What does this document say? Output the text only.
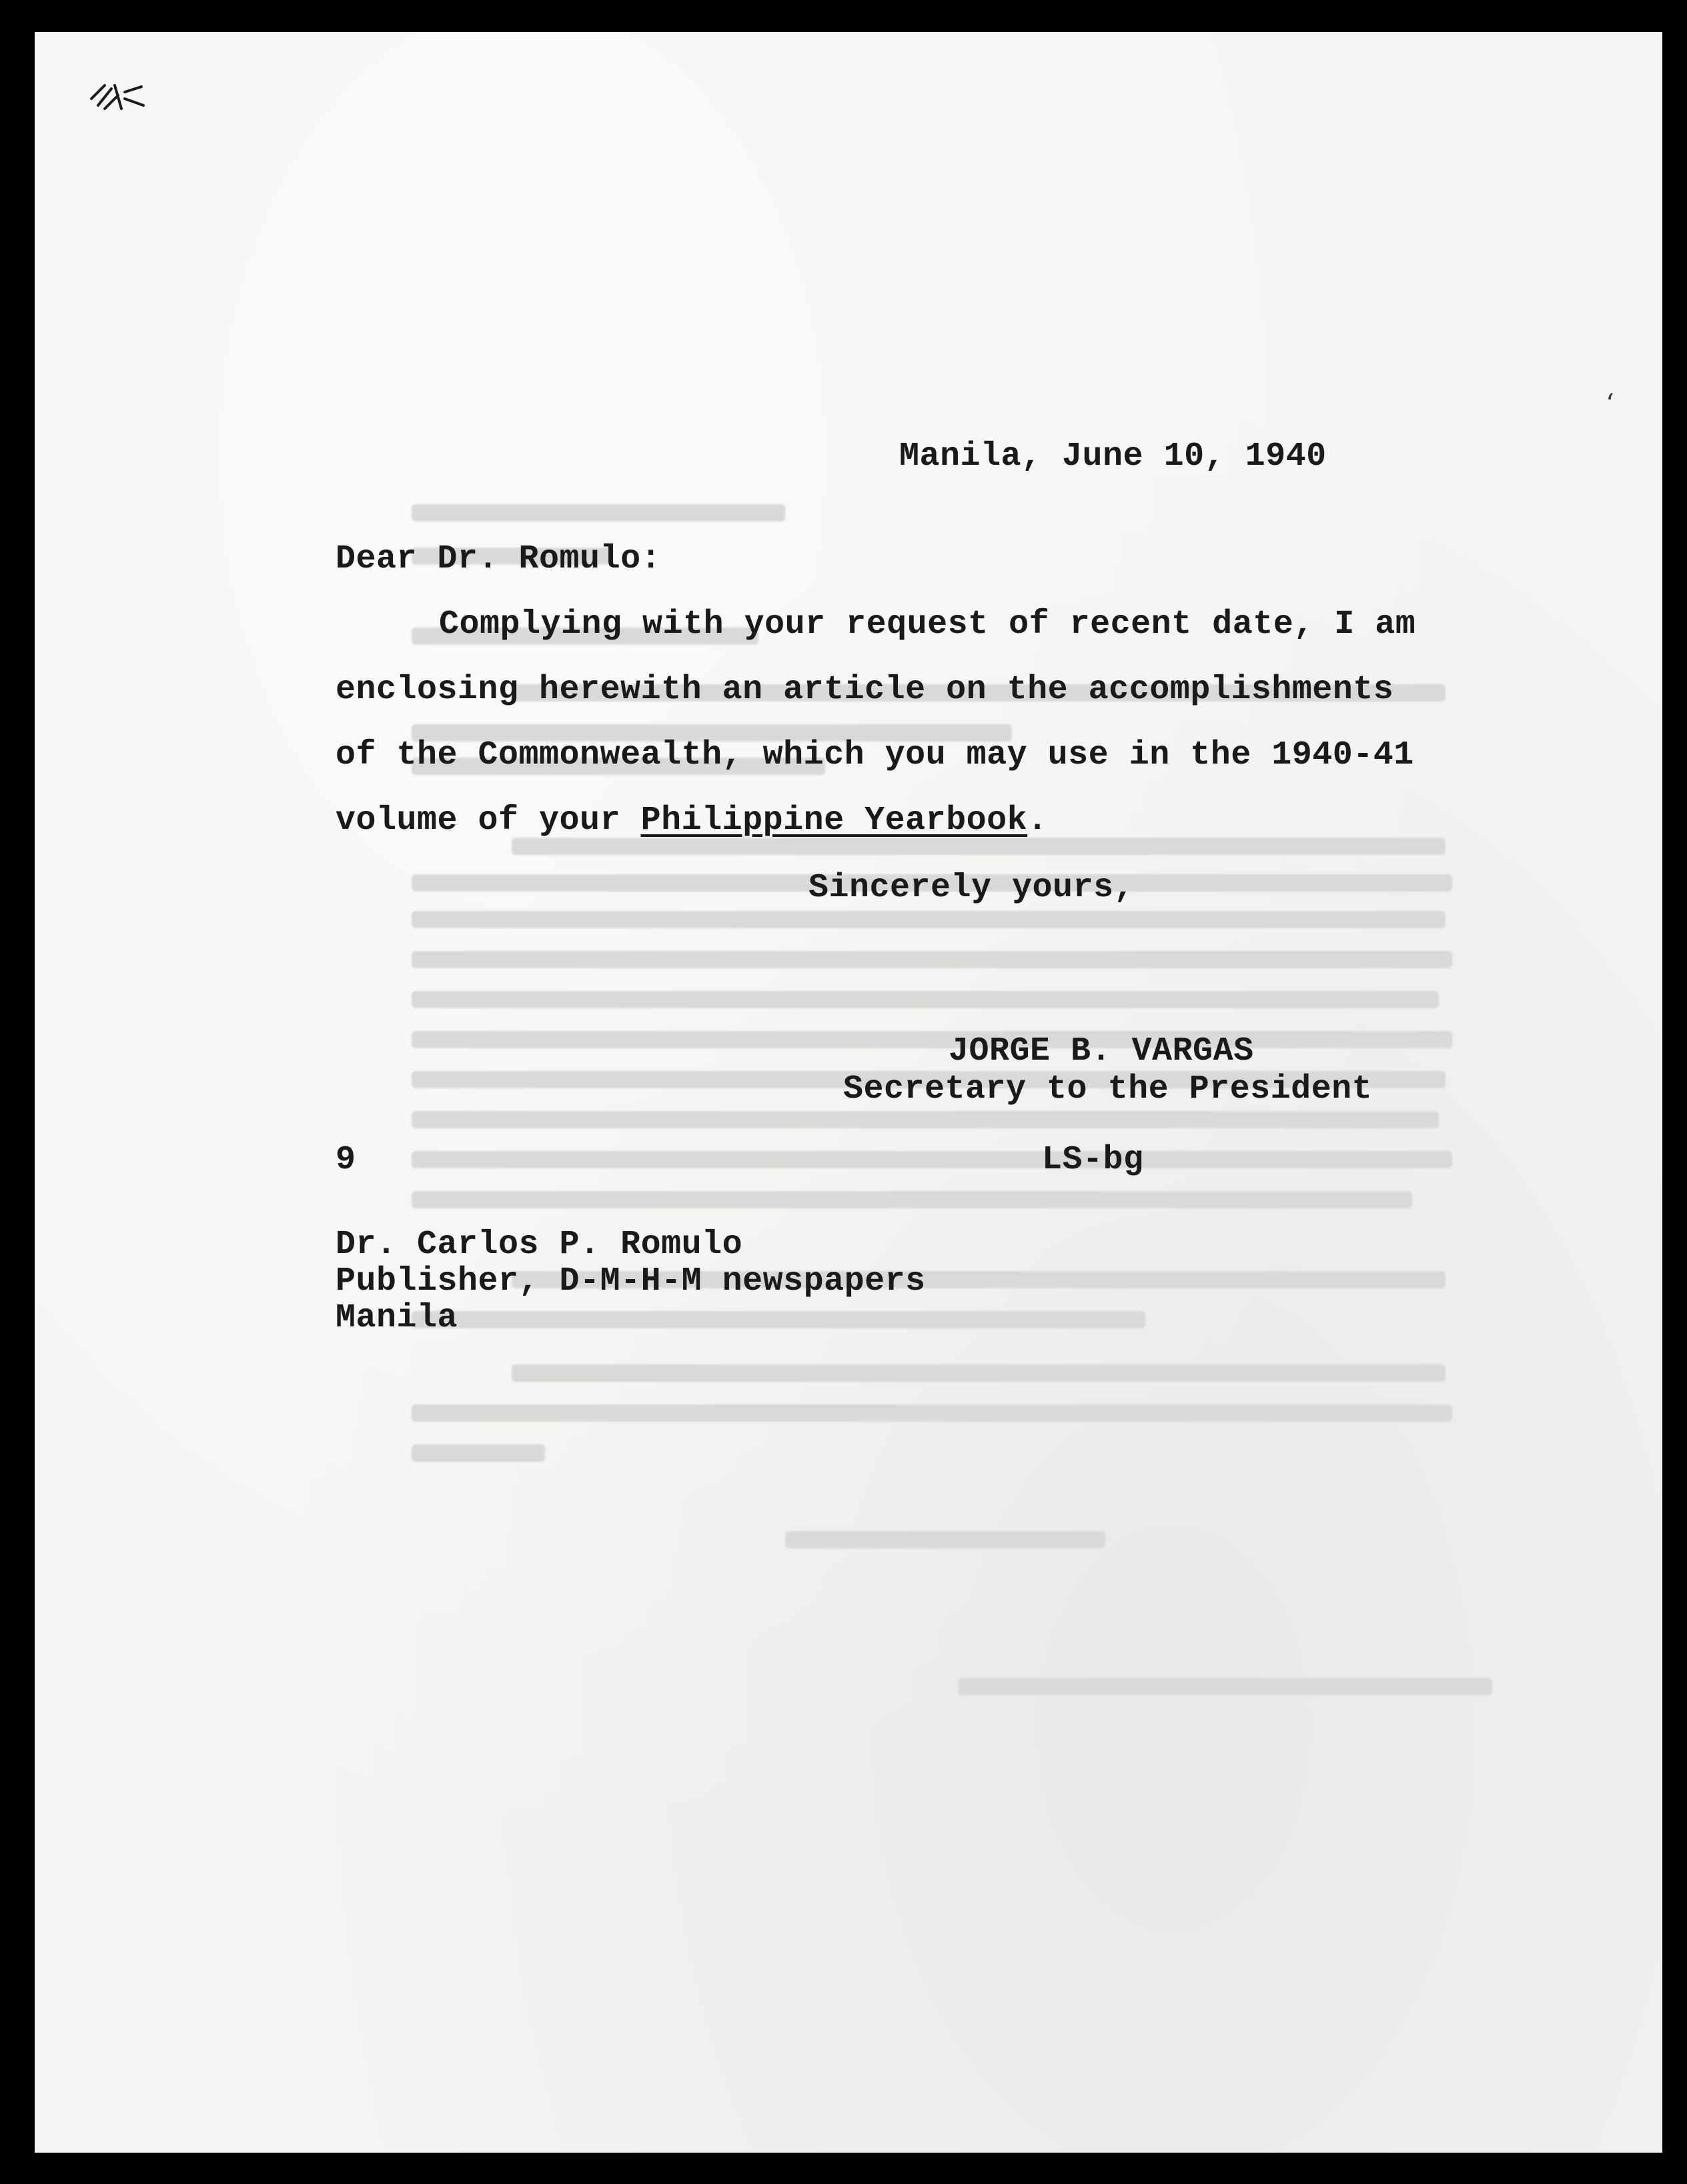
ʻ
Manila, June 10, 1940
Dear Dr. Romulo:
Complying with your request of recent date, I am
enclosing herewith an article on the accomplishments
of the Commonwealth, which you may use in the 1940-41
volume of your Philippine Yearbook.
Sincerely yours,
JORGE B. VARGAS
Secretary to the President
9	LS-bg
Dr. Carlos P. Romulo
Publisher, D-M-H-M newspapers
Manila
